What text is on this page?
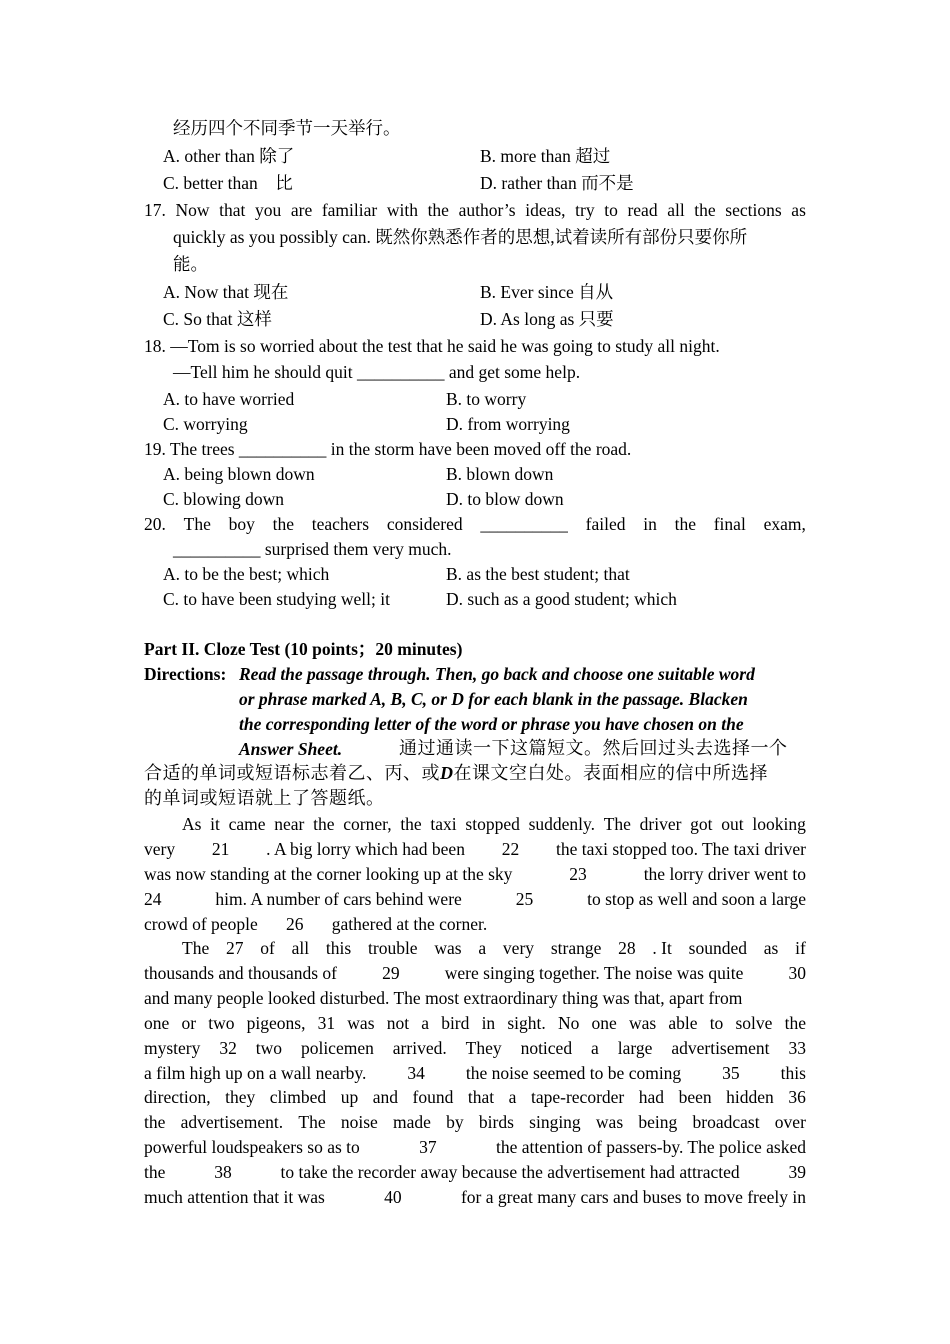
经历四个不同季节一天举行。
A. other than 除了	B. more than 超过
C. better than　比	D. rather than 而不是
17. Now that you are familiar with the author’s ideas, try to read all the sections as
quickly as you possibly can. 既然你熟悉作者的思想,试着读所有部份只要你所
能。
A. Now that 现在	B. Ever since 自从
C. So that 这样	D. As long as 只要
18. —Tom is so worried about the test that he said he was going to study all night.
—Tell him he should quit __________ and get some help.
A. to have worried	B. to worry
C. worrying	D. from worrying
19. The trees __________ in the storm have been moved off the road.
A. being blown down	B. blown down
C. blowing down	D. to blow down
20. The boy the teachers considered __________ failed in the final exam,
__________ surprised them very much.
A. to be the best; which	B. as the best student; that
C. to have been studying well; it	D. such as a good student; which
Part II. Cloze Test (10 points；20 minutes)
Directions: Read the passage through. Then, go back and choose one suitable word
or phrase marked A, B, C, or D for each blank in the passage. Blacken
the corresponding letter of the word or phrase you have chosen on the
Answer Sheet.	通过通读一下这篇短文。然后回过头去选择一个
合适的单词或短语标志着乙、丙、或D在课文空白处。表面相应的信中所选择
的单词或短语就上了答题纸。
As it came near the corner, the taxi stopped suddenly. The driver got out looking
very 21 . A big lorry which had been 22 the taxi stopped too. The taxi driver
was now standing at the corner looking up at the sky	23	the lorry driver went to
24	him. A number of cars behind were	25	to stop as well and soon a large
crowd of people 26 gathered at the corner.
The 27 of all this trouble was a very strange 28 . It sounded as if
thousands and thousands of	29	were singing together. The noise was quite	30
and many people looked disturbed. The most extraordinary thing was that, apart from
one or two pigeons, 31 was not a bird in sight. No one was able to solve the
mystery 32 two policemen arrived. They noticed a large advertisement 33
a film high up on a wall nearby. 34 the noise seemed to be coming 35 this
direction, they climbed up and found that a tape-recorder had been hidden 36
the advertisement. The noise made by birds singing was being broadcast over
powerful loudspeakers so as to	37	the attention of passers-by. The police asked
the	38	to take the recorder away because the advertisement had attracted	39
much attention that it was	40	for a great many cars and buses to move freely in
